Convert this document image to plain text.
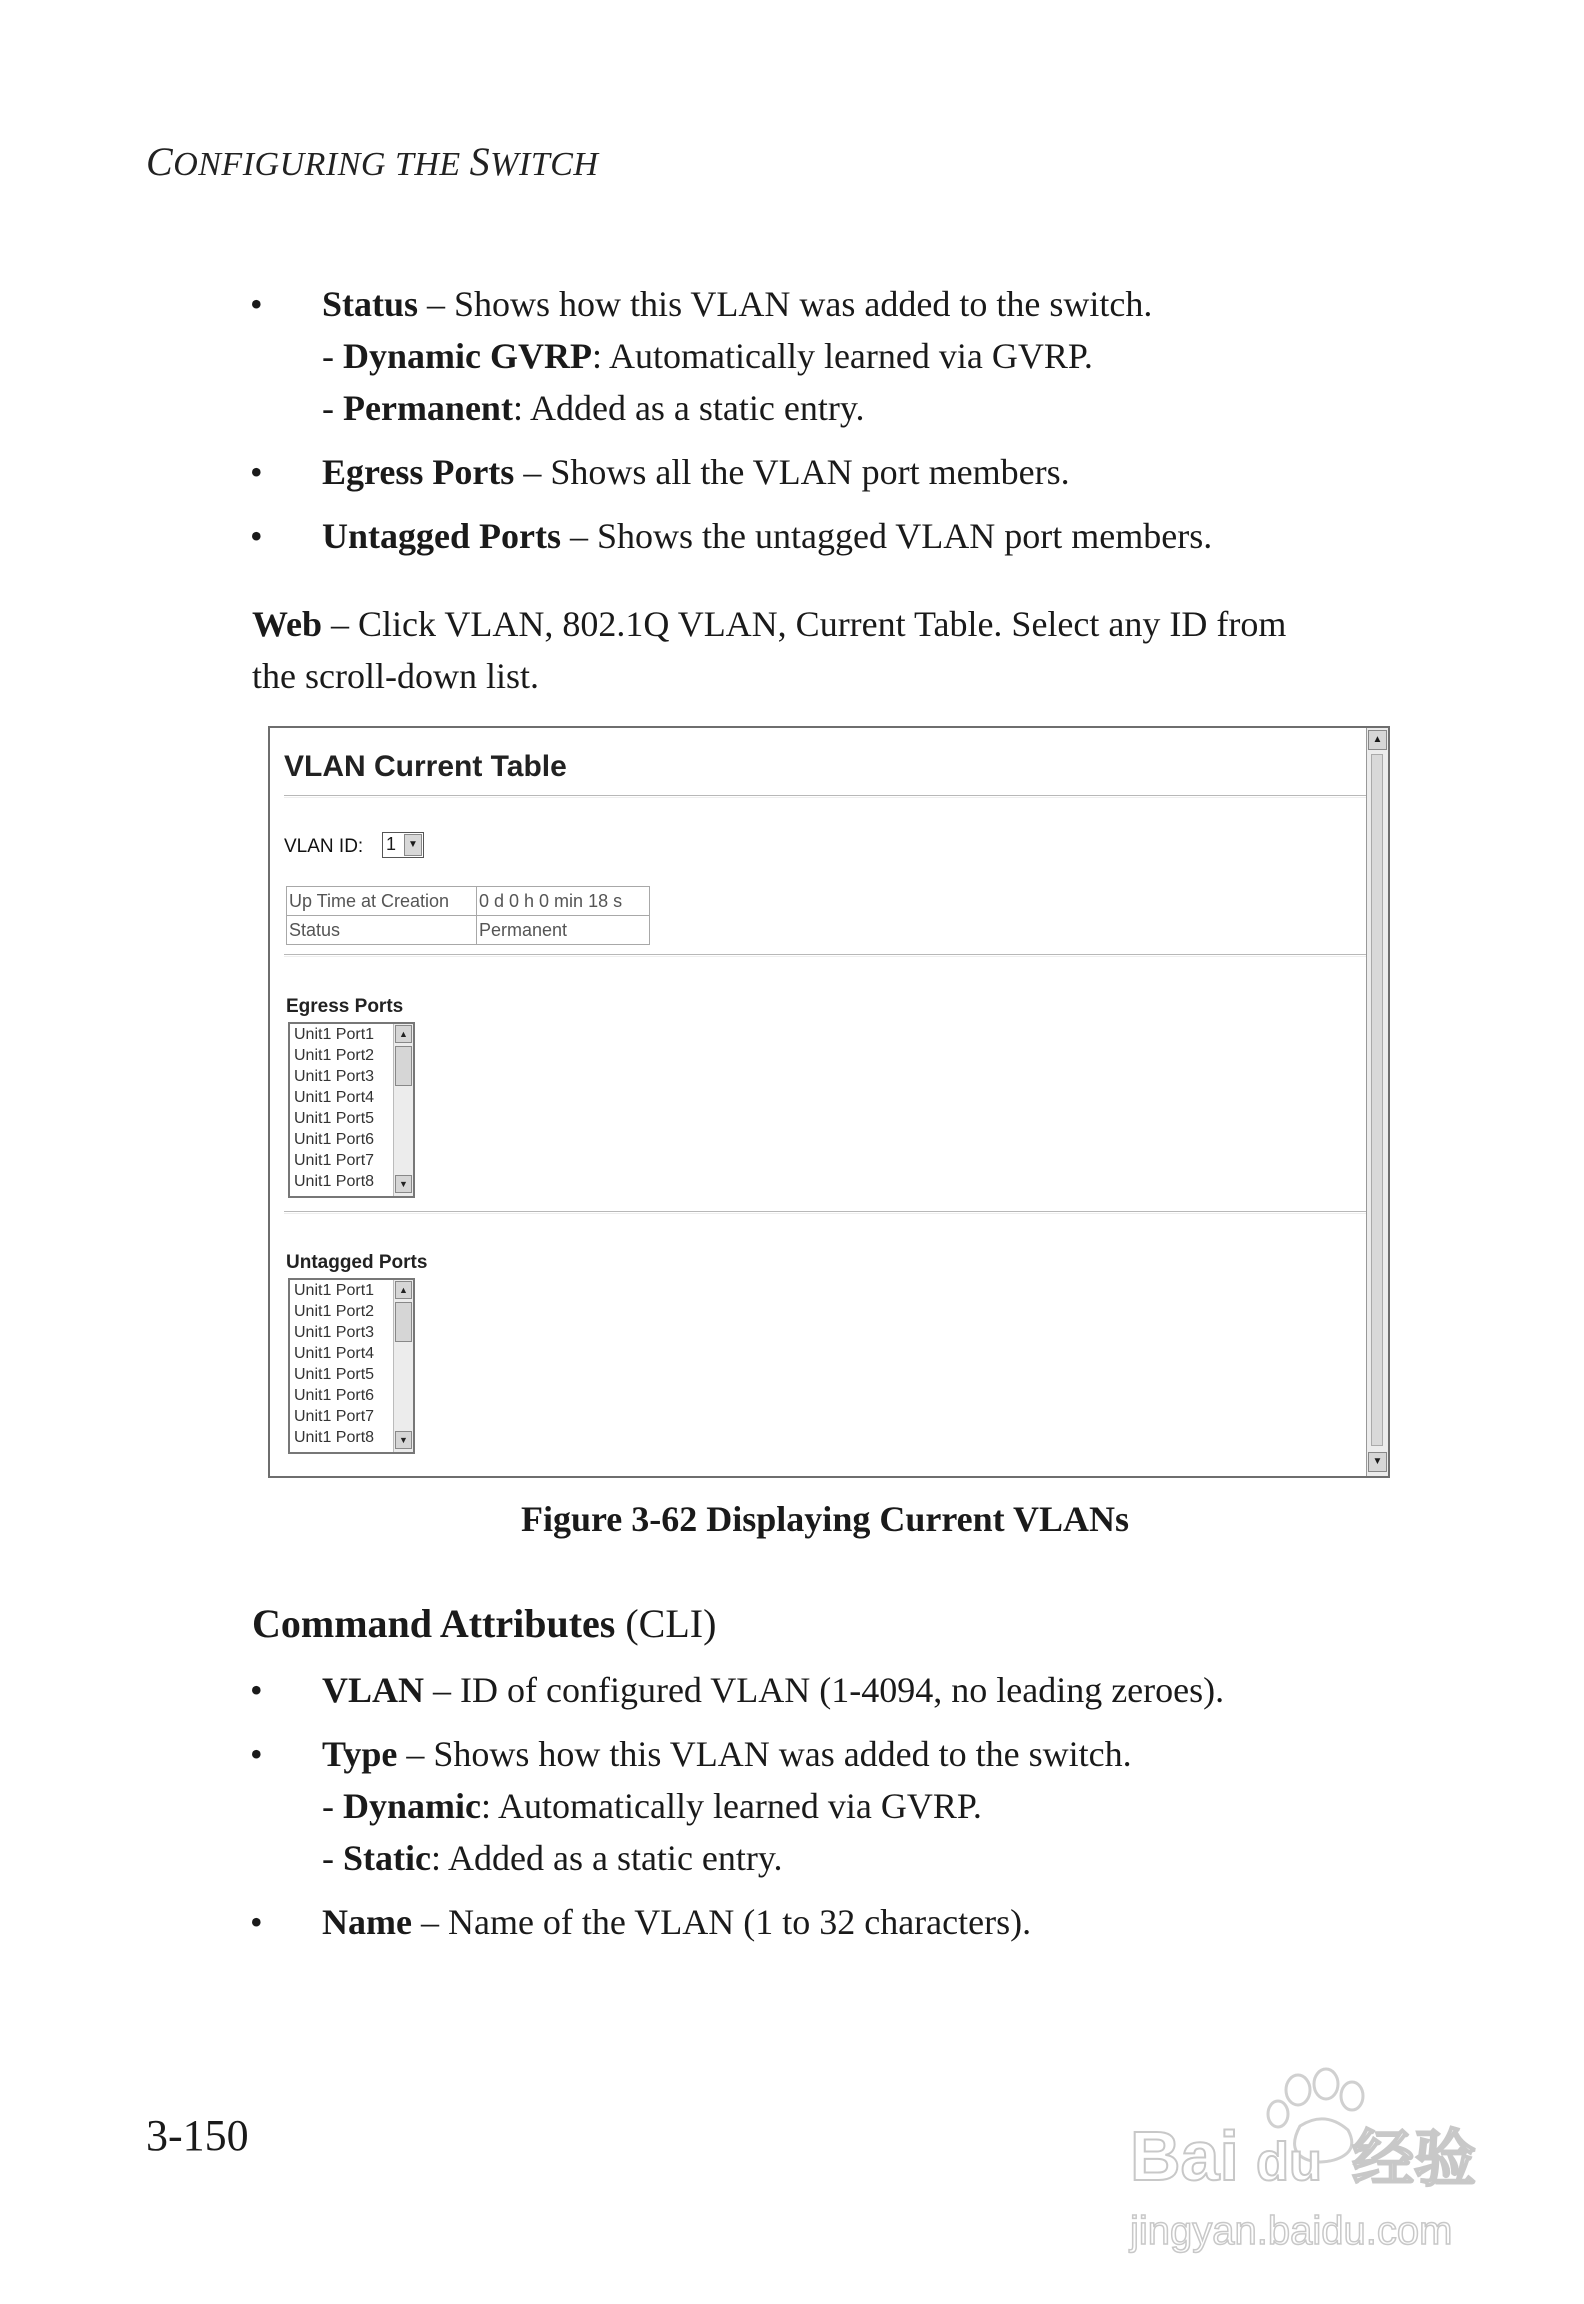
CONFIGURING THE SWITCH
• Status – Shows how this VLAN was added to the switch.
- Dynamic GVRP: Automatically learned via GVRP.
- Permanent: Added as a static entry.
• Egress Ports – Shows all the VLAN port members.
• Untagged Ports – Shows the untagged VLAN port members.
Web – Click VLAN, 802.1Q VLAN, Current Table. Select any ID from
the scroll-down list.
VLAN Current Table
VLAN ID: 1	▼
Up Time at Creation	0 d 0 h 0 min 18 s
Status	Permanent
Egress Ports
Unit1 Port1
Unit1 Port2
Unit1 Port3
Unit1 Port4
Unit1 Port5
Unit1 Port6
Unit1 Port7
Unit1 Port8
▲
▼
Untagged Ports
Unit1 Port1
Unit1 Port2
Unit1 Port3
Unit1 Port4
Unit1 Port5
Unit1 Port6
Unit1 Port7
Unit1 Port8
▲
▼
▲
▼
Figure 3-62 Displaying Current VLANs
Command Attributes (CLI)
• VLAN – ID of configured VLAN (1-4094, no leading zeroes).
• Type – Shows how this VLAN was added to the switch.
- Dynamic: Automatically learned via GVRP.
- Static: Added as a static entry.
• Name – Name of the VLAN (1 to 32 characters).
3-150	Bai du 经验
jingyan.baidu.com
